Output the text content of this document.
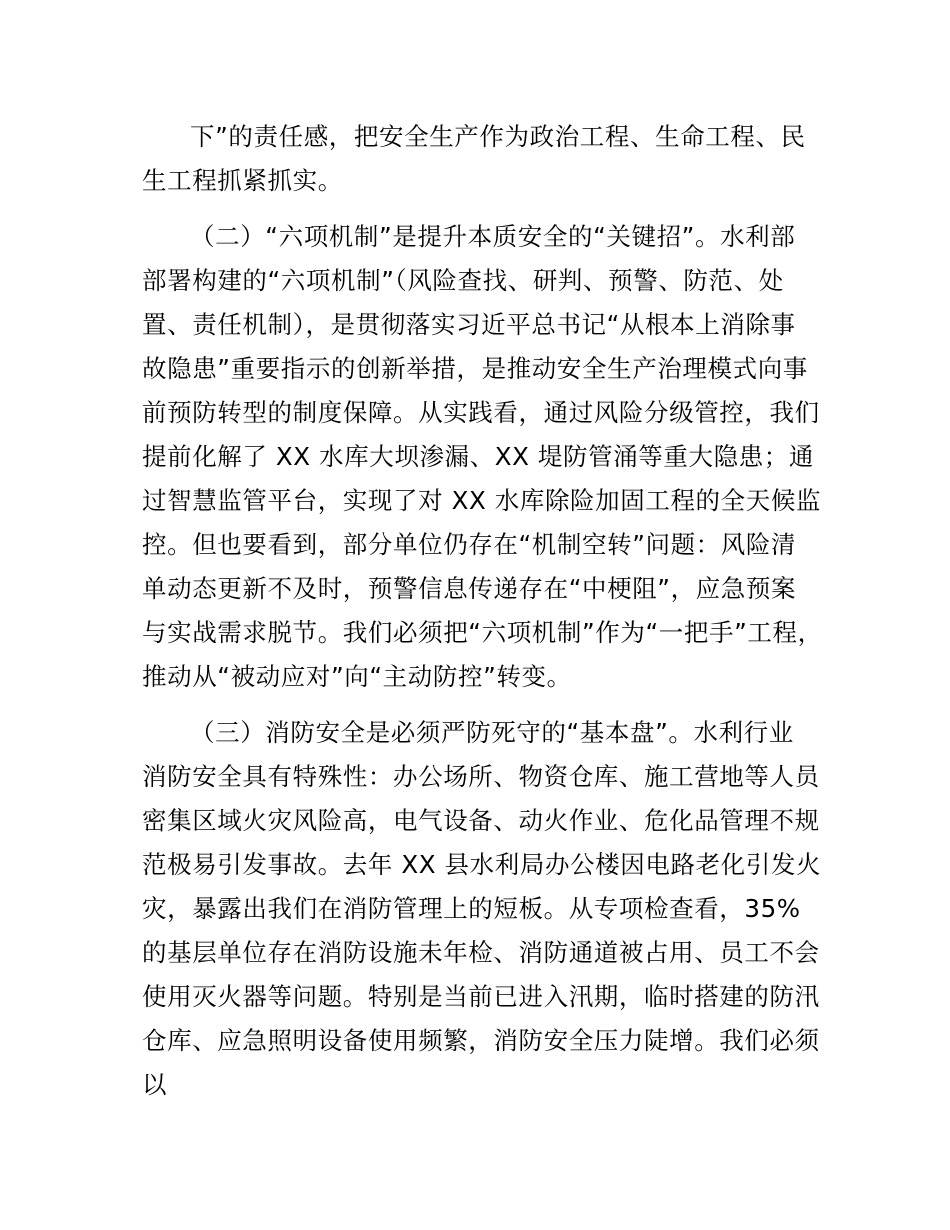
下”的责任感，把安全生产作为政治工程、生命工程、民

生工程抓紧抓实。

（二）“六项机制”是提升本质安全的“关键招”。水利部

部署构建的“六项机制”（风险查找、研判、预警、防范、处

置、责任机制），是贯彻落实习近平总书记“从根本上消除事

故隐患”重要指示的创新举措，是推动安全生产治理模式向事

前预防转型的制度保障。从实践看，通过风险分级管控，我们

提前化解了 XX 水库大坝渗漏、XX 堤防管涌等重大隐患；通

过智慧监管平台，实现了对 XX 水库除险加固工程的全天候监

控。但也要看到，部分单位仍存在“机制空转”问题：风险清

单动态更新不及时，预警信息传递存在“中梗阻”，应急预案

与实战需求脱节。我们必须把“六项机制”作为“一把手”工程，

推动从“被动应对”向“主动防控”转变。

（三）消防安全是必须严防死守的“基本盘”。水利行业

消防安全具有特殊性：办公场所、物资仓库、施工营地等人员

密集区域火灾风险高，电气设备、动火作业、危化品管理不规

范极易引发事故。去年 XX 县水利局办公楼因电路老化引发火

灾，暴露出我们在消防管理上的短板。从专项检查看，35%

的基层单位存在消防设施未年检、消防通道被占用、员工不会

使用灭火器等问题。特别是当前已进入汛期，临时搭建的防汛

仓库、应急照明设备使用频繁，消防安全压力陡增。我们必须

以
